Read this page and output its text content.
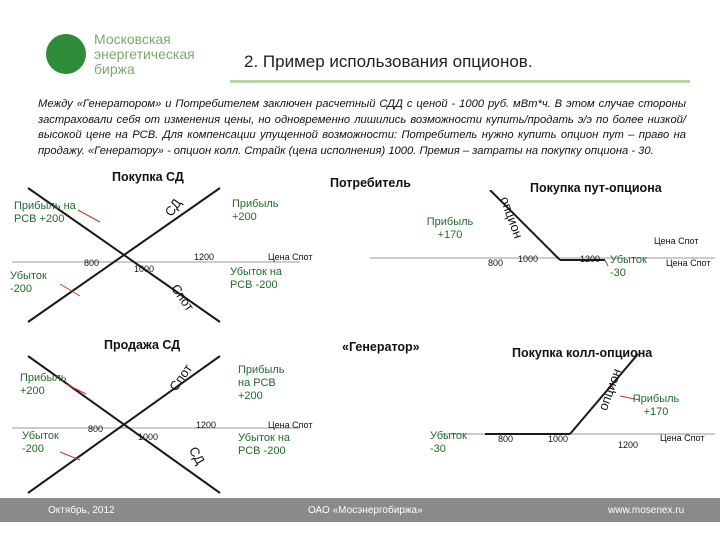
Московская
энергетическая
биржа	2. Пример использования опционов.
Между «Генератором» и Потребителем заключен расчетный СДД с ценой - 1000 руб. мВт*ч. В этом случае стороны застраховали себя от изменения цены, но одновременно лишились возможности купить/продать э/э по более низкой/высокой цене на РСВ. Для компенсации упущенной возможности: Потребитель нужно купить опцион пут – право на продажу. «Генератору» - опцион колл. Страйк (цена исполнения) 1000. Премия – затраты на покупку опциона - 30.
Потребитель
«Генератор»
Покупка СД
Прибыль на РСВ +200
Прибыль +200
Убыток -200
Убыток на РСВ -200
СД
Спот
800
1000
1200	Цена Спот
Покупка пут-опциона
Прибыль +170
Убыток -30
опцион
800 1000	1200
Цена Спот
Цена Спот
Продажа СД
Прибыль +200
Прибыль на РСВ +200
Убыток -200
Убыток на РСВ -200
Спот
СД
800
1000
1200	Цена Спот
Покупка колл-опциона
Прибыль +170
Убыток -30
опцион
800	1000
1200
Цена Спот
Октябрь, 2012	ОАО «Мосэнергобиржа»	www.mosenex.ru
